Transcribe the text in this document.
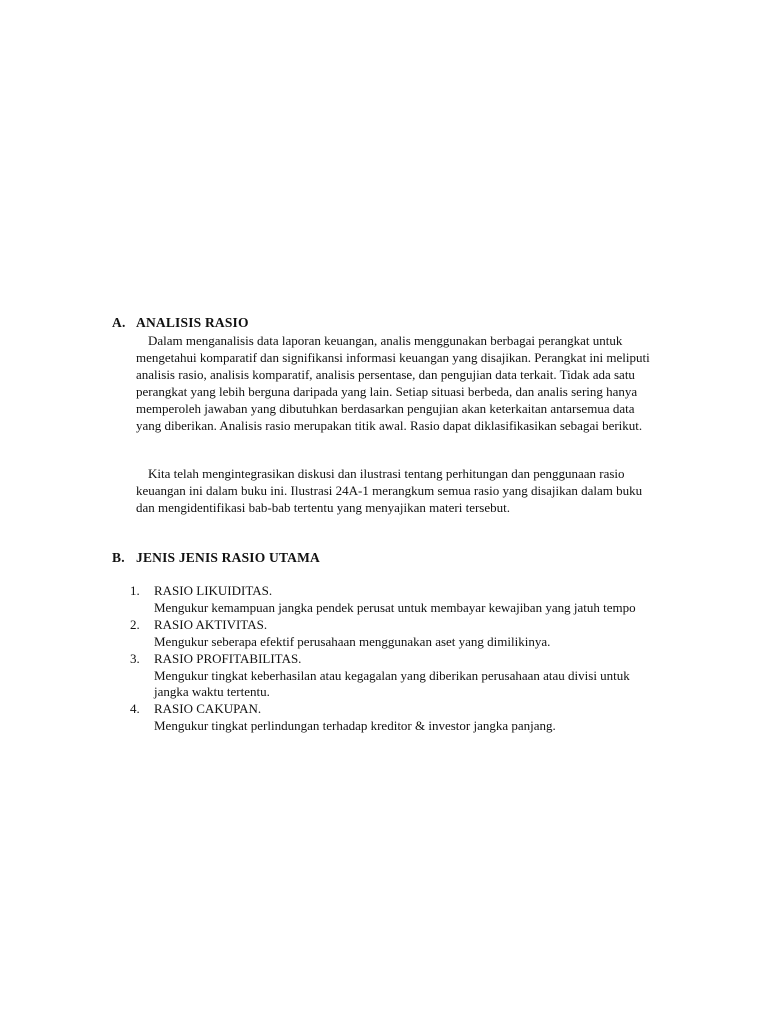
A. ANALISIS RASIO

Dalam menganalisis data laporan keuangan, analis menggunakan berbagai perangkat untuk mengetahui komparatif dan signifikansi informasi keuangan yang disajikan. Perangkat ini meliputi analisis rasio, analisis komparatif, analisis persentase, dan pengujian data terkait. Tidak ada satu perangkat yang lebih berguna daripada yang lain. Setiap situasi berbeda, dan analis sering hanya memperoleh jawaban yang dibutuhkan berdasarkan pengujian akan keterkaitan antarsemua data yang diberikan. Analisis rasio merupakan titik awal. Rasio dapat diklasifikasikan sebagai berikut.

Kita telah mengintegrasikan diskusi dan ilustrasi tentang perhitungan dan penggunaan rasio keuangan ini dalam buku ini. Ilustrasi 24A-1 merangkum semua rasio yang disajikan dalam buku dan mengidentifikasi bab-bab tertentu yang menyajikan materi tersebut.

B. JENIS JENIS RASIO UTAMA
1. RASIO LIKUIDITAS.
Mengukur kemampuan jangka pendek perusat untuk membayar kewajiban yang jatuh tempo
2. RASIO AKTIVITAS.
Mengukur seberapa efektif perusahaan menggunakan aset yang dimilikinya.
3. RASIO PROFITABILITAS.
Mengukur tingkat keberhasilan atau kegagalan yang diberikan perusahaan atau divisi untuk jangka waktu tertentu.
4. RASIO CAKUPAN.
Mengukur tingkat perlindungan terhadap kreditor & investor jangka panjang.
